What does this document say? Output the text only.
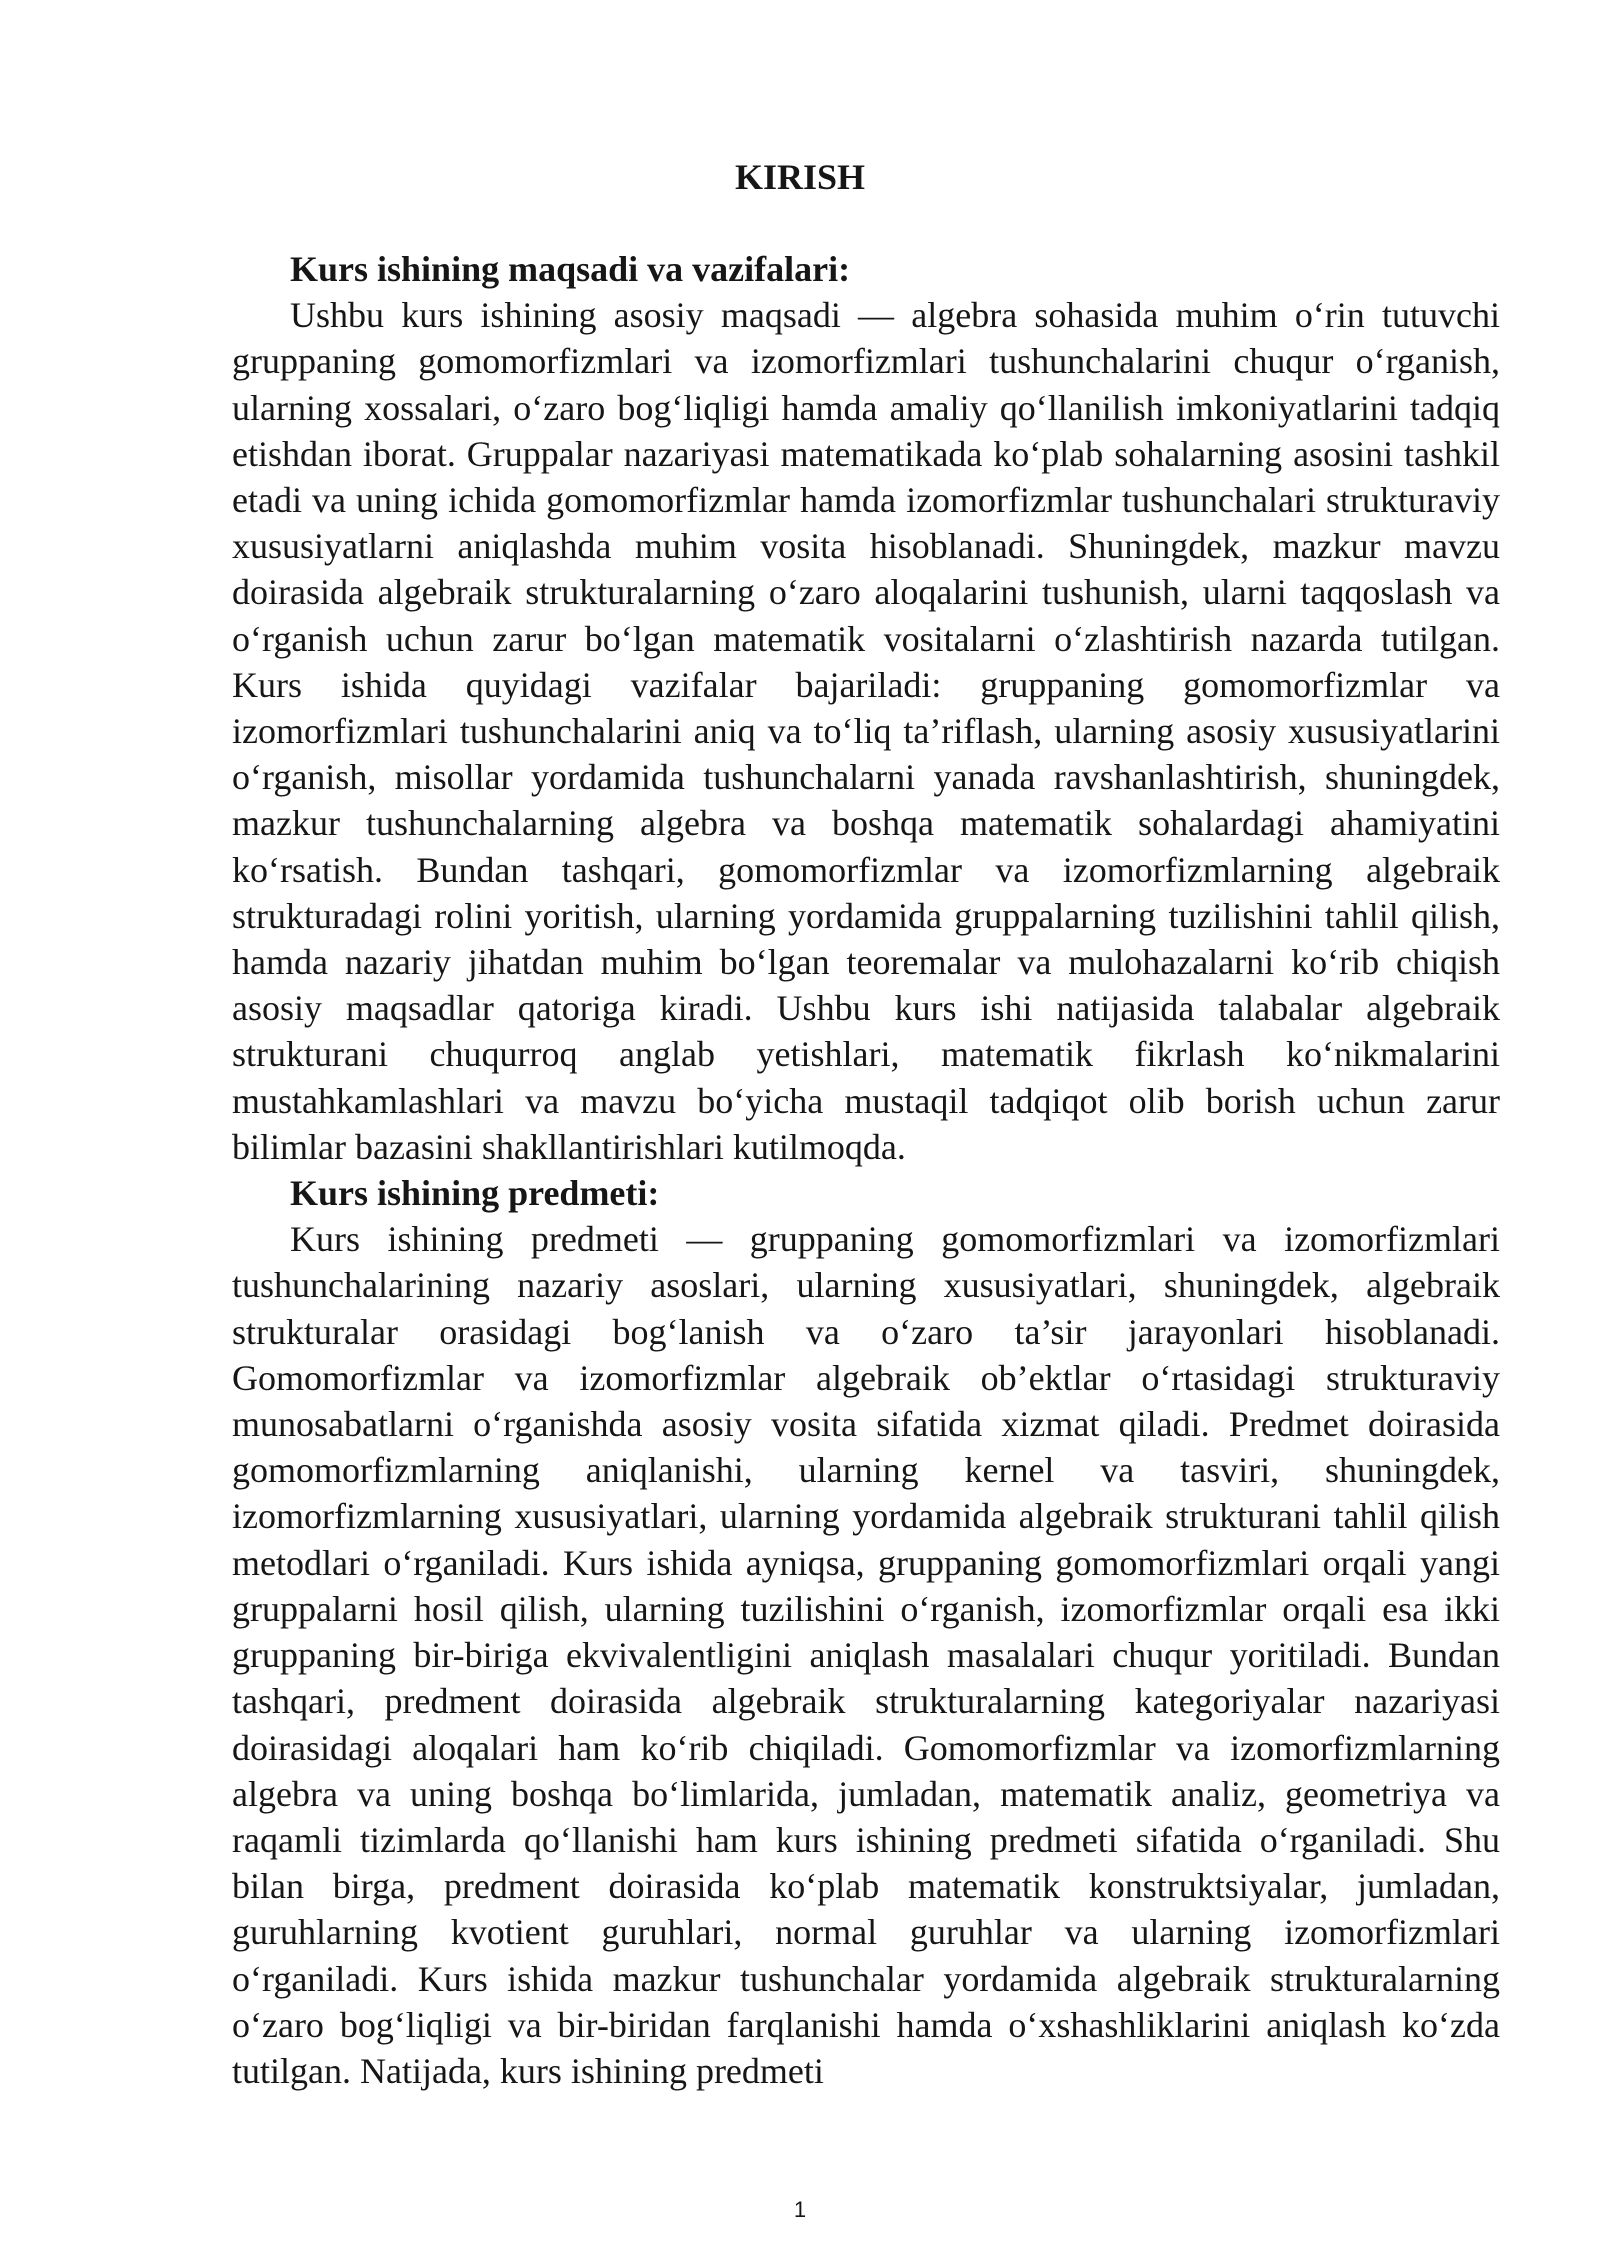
KIRISH
Kurs ishining maqsadi va vazifalari:

Ushbu kurs ishining asosiy maqsadi — algebra sohasida muhim o‘rin tutuvchi gruppaning gomomorfizmlari va izomorfizmlari tushunchalarini chuqur o‘rganish, ularning xossalari, o‘zaro bog‘liqligi hamda amaliy qo‘llanilish imkoniyatlarini tadqiq etishdan iborat. Gruppalar nazariyasi matematikada ko‘plab sohalarning asosini tashkil etadi va uning ichida gomomorfizmlar hamda izomorfizmlar tushunchalari strukturaviy xususiyatlarni aniqlashda muhim vosita hisoblanadi. Shuningdek, mazkur mavzu doirasida algebraik strukturalarning o‘zaro aloqalarini tushunish, ularni taqqoslash va o‘rganish uchun zarur bo‘lgan matematik vositalarni o‘zlashtirish nazarda tutilgan. Kurs ishida quyidagi vazifalar bajariladi: gruppaning gomomorfizmlar va izomorfizmlari tushunchalarini aniq va to‘liq ta’riflash, ularning asosiy xususiyatlarini o‘rganish, misollar yordamida tushunchalarni yanada ravshanlashtirish, shuningdek, mazkur tushunchalarning algebra va boshqa matematik sohalardagi ahamiyatini ko‘rsatish. Bundan tashqari, gomomorfizmlar va izomorfizmlarning algebraik strukturadagi rolini yoritish, ularning yordamida gruppalarning tuzilishini tahlil qilish, hamda nazariy jihatdan muhim bo‘lgan teoremalar va mulohazalarni ko‘rib chiqish asosiy maqsadlar qatoriga kiradi. Ushbu kurs ishi natijasida talabalar algebraik strukturani chuqurroq anglab yetishlari, matematik fikrlash ko‘nikmalarini mustahkamlashlari va mavzu bo‘yicha mustaqil tadqiqot olib borish uchun zarur bilimlar bazasini shakllantirishlari kutilmoqda.

Kurs ishining predmeti:

Kurs ishining predmeti — gruppaning gomomorfizmlari va izomorfizmlari tushunchalarining nazariy asoslari, ularning xususiyatlari, shuningdek, algebraik strukturalar orasidagi bog‘lanish va o‘zaro ta’sir jarayonlari hisoblanadi. Gomomorfizmlar va izomorfizmlar algebraik ob’ektlar o‘rtasidagi strukturaviy munosabatlarni o‘rganishda asosiy vosita sifatida xizmat qiladi. Predmet doirasida gomomorfizmlarning aniqlanishi, ularning kernel va tasviri, shuningdek, izomorfizmlarning xususiyatlari, ularning yordamida algebraik strukturani tahlil qilish metodlari o‘rganiladi. Kurs ishida ayniqsa, gruppaning gomomorfizmlari orqali yangi gruppalarni hosil qilish, ularning tuzilishini o‘rganish, izomorfizmlar orqali esa ikki gruppaning bir-biriga ekvivalentligini aniqlash masalalari chuqur yoritiladi. Bundan tashqari, predment doirasida algebraik strukturalarning kategoriyalar nazariyasi doirasidagi aloqalari ham ko‘rib chiqiladi. Gomomorfizmlar va izomorfizmlarning algebra va uning boshqa bo‘limlarida, jumladan, matematik analiz, geometriya va raqamli tizimlarda qo‘llanishi ham kurs ishining predmeti sifatida o‘rganiladi. Shu bilan birga, predment doirasida ko‘plab matematik konstruktsiyalar, jumladan, guruhlarning kvotient guruhlari, normal guruhlar va ularning izomorfizmlari o‘rganiladi. Kurs ishida mazkur tushunchalar yordamida algebraik strukturalarning o‘zaro bog‘liqligi va bir-biridan farqlanishi hamda o‘xshashliklarini aniqlash ko‘zda tutilgan. Natijada, kurs ishining predmeti

1
